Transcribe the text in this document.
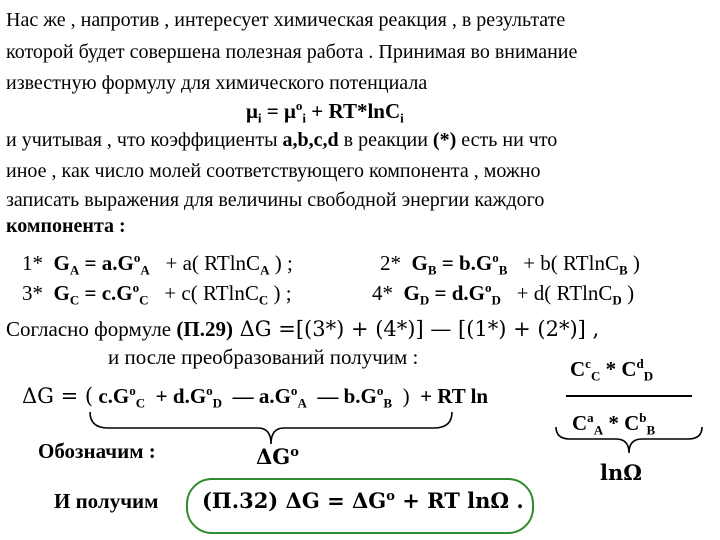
Нас же , напротив , интересует химическая реакция , в результате
которой будет совершена полезная работа . Принимая во внимание
известную формулу для химического потенциала
$\mu_i = \mu^o_i + RT*\ln C_i$
и учитывая , что коэффициенты a,b,c,d в реакции (*) есть ни что
иное , как число молей соответствующего компонента , можно
записать выражения для величины свободной энергии каждого
компонента :
1* $G_A = a.G^o_A + a$( RTlnC$_A$ ) ;	2* $G_B = b.G^o_B + b$( RTlnC$_B$ )
3* $G_C = c.G^o_C + c$( RTlnC$_C$ ) ;	4* $G_D = d.G^o_D + d$( RTlnC$_D$ )
Согласно формуле (П.29) ΔG =[(3*) + (4*)] — [(1*) + (2*)] ,
и после преобразований получим :	$C^c_C * C^d_D$
$C^a_A * C^b_B$
ΔG = ( $c.G^o_C + d.G^o_D$ — $a.G^o_A$ — $b.G^o_B$ ) + RT ln
Обозначим :	$\Delta G^o$
lnΩ
И получим (П.32) $\Delta G = \Delta G^o$ + RT lnΩ .
